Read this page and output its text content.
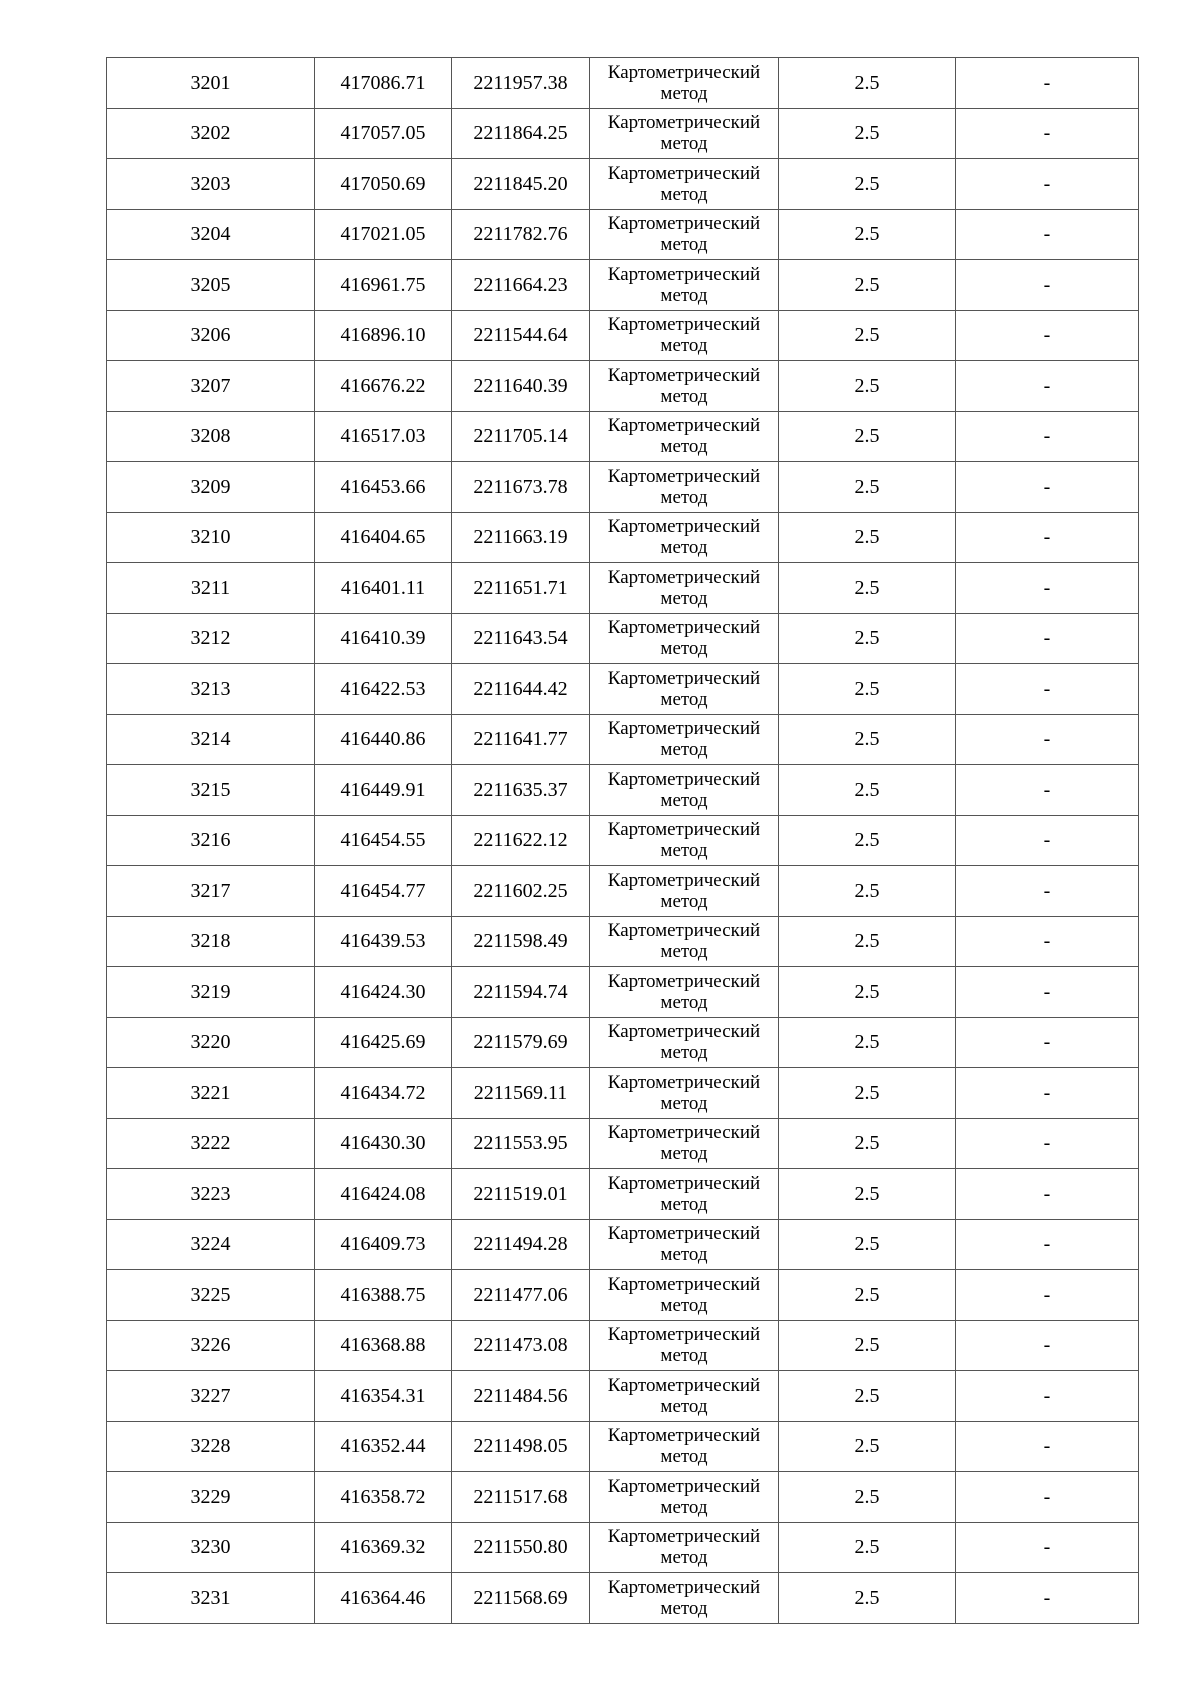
3201	417086.71	2211957.38	Картометрический метод	2.5	-
3202	417057.05	2211864.25	Картометрический метод	2.5	-
3203	417050.69	2211845.20	Картометрический метод	2.5	-
3204	417021.05	2211782.76	Картометрический метод	2.5	-
3205	416961.75	2211664.23	Картометрический метод	2.5	-
3206	416896.10	2211544.64	Картометрический метод	2.5	-
3207	416676.22	2211640.39	Картометрический метод	2.5	-
3208	416517.03	2211705.14	Картометрический метод	2.5	-
3209	416453.66	2211673.78	Картометрический метод	2.5	-
3210	416404.65	2211663.19	Картометрический метод	2.5	-
3211	416401.11	2211651.71	Картометрический метод	2.5	-
3212	416410.39	2211643.54	Картометрический метод	2.5	-
3213	416422.53	2211644.42	Картометрический метод	2.5	-
3214	416440.86	2211641.77	Картометрический метод	2.5	-
3215	416449.91	2211635.37	Картометрический метод	2.5	-
3216	416454.55	2211622.12	Картометрический метод	2.5	-
3217	416454.77	2211602.25	Картометрический метод	2.5	-
3218	416439.53	2211598.49	Картометрический метод	2.5	-
3219	416424.30	2211594.74	Картометрический метод	2.5	-
3220	416425.69	2211579.69	Картометрический метод	2.5	-
3221	416434.72	2211569.11	Картометрический метод	2.5	-
3222	416430.30	2211553.95	Картометрический метод	2.5	-
3223	416424.08	2211519.01	Картометрический метод	2.5	-
3224	416409.73	2211494.28	Картометрический метод	2.5	-
3225	416388.75	2211477.06	Картометрический метод	2.5	-
3226	416368.88	2211473.08	Картометрический метод	2.5	-
3227	416354.31	2211484.56	Картометрический метод	2.5	-
3228	416352.44	2211498.05	Картометрический метод	2.5	-
3229	416358.72	2211517.68	Картометрический метод	2.5	-
3230	416369.32	2211550.80	Картометрический метод	2.5	-
3231	416364.46	2211568.69	Картометрический метод	2.5	-
